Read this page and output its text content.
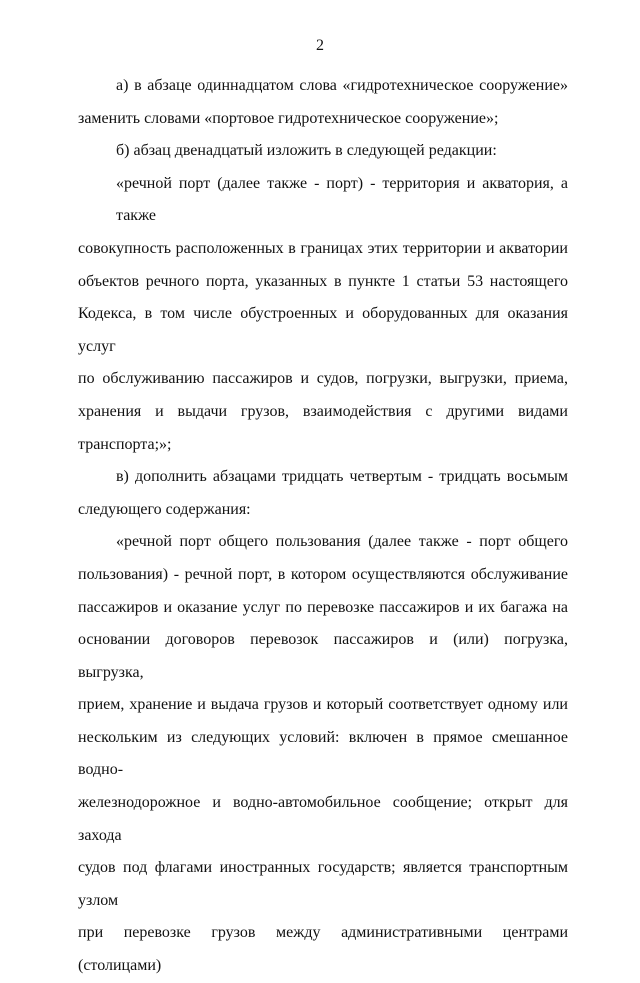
2
а) в абзаце одиннадцатом слова «гидротехническое сооружение»
заменить словами «портовое гидротехническое сооружение»;
б) абзац двенадцатый изложить в следующей редакции:
«речной порт (далее также - порт) - территория и акватория, а также
совокупность расположенных в границах этих территории и акватории
объектов речного порта, указанных в пункте 1 статьи 53 настоящего
Кодекса, в том числе обустроенных и оборудованных для оказания услуг
по обслуживанию пассажиров и судов, погрузки, выгрузки, приема,
хранения и выдачи грузов, взаимодействия с другими видами
транспорта;»;
в) дополнить абзацами тридцать четвертым - тридцать восьмым
следующего содержания:
«речной порт общего пользования (далее также - порт общего
пользования) - речной порт, в котором осуществляются обслуживание
пассажиров и оказание услуг по перевозке пассажиров и их багажа на
основании договоров перевозок пассажиров и (или) погрузка, выгрузка,
прием, хранение и выдача грузов и который соответствует одному или
нескольким из следующих условий: включен в прямое смешанное водно-
железнодорожное и водно-автомобильное сообщение; открыт для захода
судов под флагами иностранных государств; является транспортным узлом
при перевозке грузов между административными центрами (столицами)
